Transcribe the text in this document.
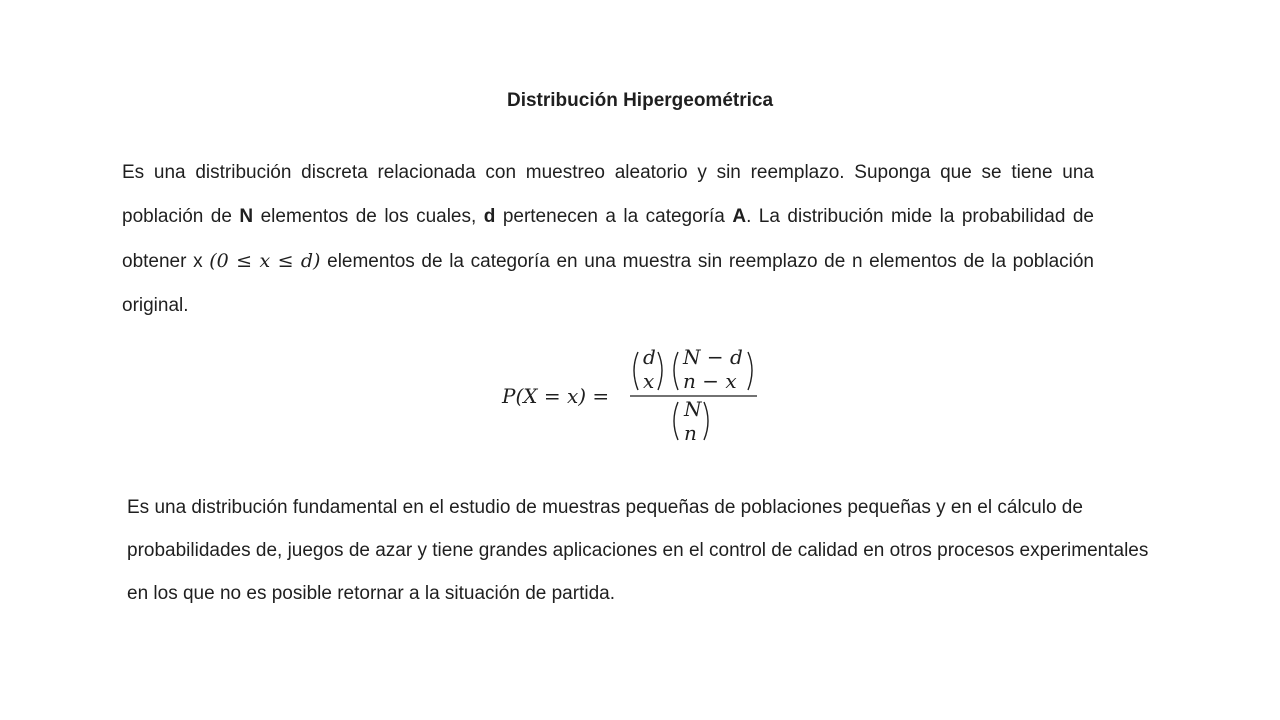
Distribución Hipergeométrica
Es una distribución discreta relacionada con muestreo aleatorio y sin reemplazo. Suponga que se tiene una población de N elementos de los cuales, d pertenecen a la categoría A. La distribución mide la probabilidad de obtener x (0 ≤ x ≤ d) elementos de la categoría en una muestra sin reemplazo de n elementos de la población original.
P(X = x) =
d
x
N − d
n − x
N
n
Es una distribución fundamental en el estudio de muestras pequeñas de poblaciones pequeñas y en el cálculo de probabilidades de, juegos de azar y tiene grandes aplicaciones en el control de calidad en otros procesos experimentales en los que no es posible retornar a la situación de partida.
